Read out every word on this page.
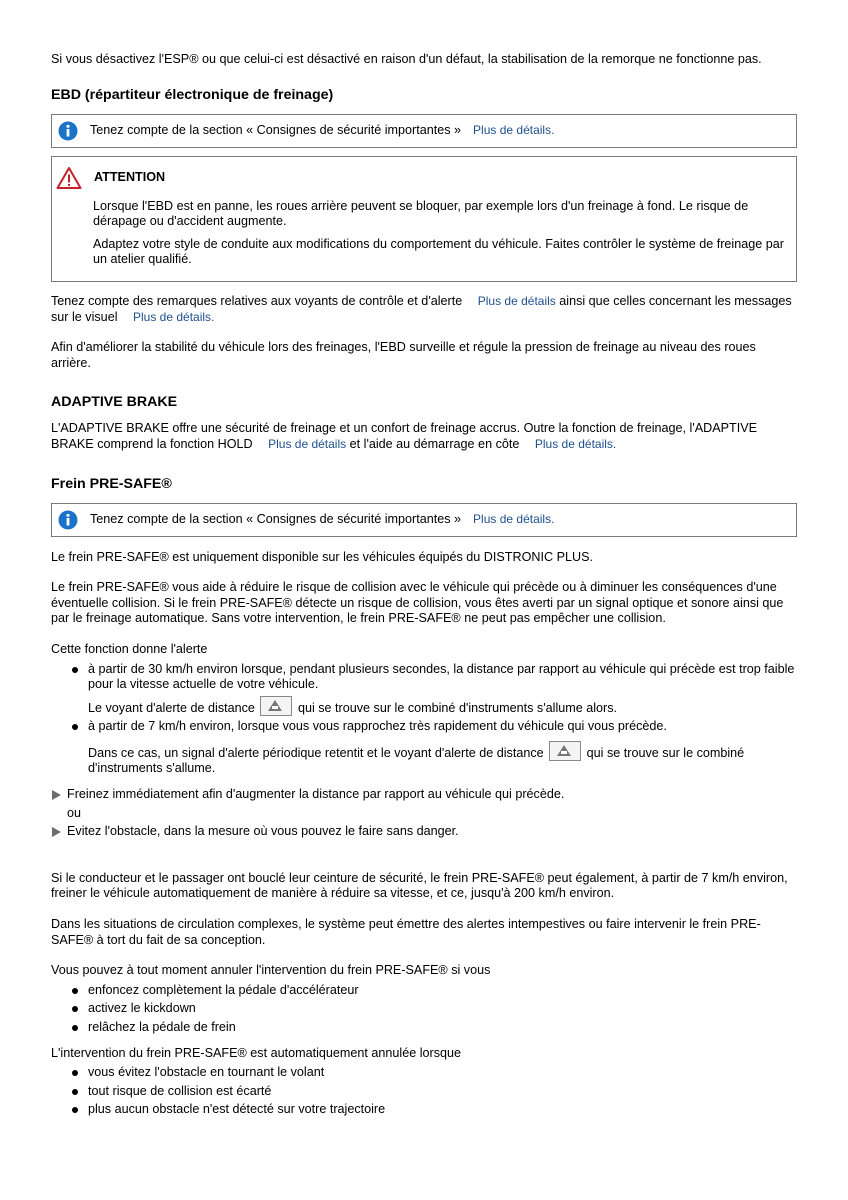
Si vous désactivez l'ESP® ou que celui-ci est désactivé en raison d'un défaut, la stabilisation de la remorque ne fonctionne pas.

EBD (répartiteur électronique de freinage)
Tenez compte de la section « Consignes de sécurité importantes » Plus de détails.
ATTENTION

Lorsque l'EBD est en panne, les roues arrière peuvent se bloquer, par exemple lors d'un freinage à fond. Le risque de dérapage ou d'accident augmente.

Adaptez votre style de conduite aux modifications du comportement du véhicule. Faites contrôler le système de freinage par un atelier qualifié.

Tenez compte des remarques relatives aux voyants de contrôle et d'alerte Plus de détails ainsi que celles concernant les messages sur le visuel Plus de détails.

Afin d'améliorer la stabilité du véhicule lors des freinages, l'EBD surveille et régule la pression de freinage au niveau des roues arrière.

ADAPTIVE BRAKE

L'ADAPTIVE BRAKE offre une sécurité de freinage et un confort de freinage accrus. Outre la fonction de freinage, l'ADAPTIVE BRAKE comprend la fonction HOLD Plus de détails et l'aide au démarrage en côte Plus de détails.

Frein PRE-SAFE®
Tenez compte de la section « Consignes de sécurité importantes » Plus de détails.

Le frein PRE-SAFE® est uniquement disponible sur les véhicules équipés du DISTRONIC PLUS.

Le frein PRE-SAFE® vous aide à réduire le risque de collision avec le véhicule qui précède ou à diminuer les conséquences d'une éventuelle collision. Si le frein PRE-SAFE® détecte un risque de collision, vous êtes averti par un signal optique et sonore ainsi que par le freinage automatique. Sans votre intervention, le frein PRE-SAFE® ne peut pas empêcher une collision.

Cette fonction donne l'alerte

à partir de 30 km/h environ lorsque, pendant plusieurs secondes, la distance par rapport au véhicule qui précède est trop faible pour la vitesse actuelle de votre véhicule.

Le voyant d'alerte de distance	qui se trouve sur le combiné d'instruments s'allume alors.

à partir de 7 km/h environ, lorsque vous vous rapprochez très rapidement du véhicule qui vous précède.

Dans ce cas, un signal d'alerte périodique retentit et le voyant d'alerte de distance	qui se trouve sur le combiné d'instruments s'allume.

Freinez immédiatement afin d'augmenter la distance par rapport au véhicule qui précède.

ou

Evitez l'obstacle, dans la mesure où vous pouvez le faire sans danger.

Si le conducteur et le passager ont bouclé leur ceinture de sécurité, le frein PRE-SAFE® peut également, à partir de 7 km/h environ, freiner le véhicule automatiquement de manière à réduire sa vitesse, et ce, jusqu'à 200 km/h environ.

Dans les situations de circulation complexes, le système peut émettre des alertes intempestives ou faire intervenir le frein PRE-SAFE® à tort du fait de sa conception.

Vous pouvez à tout moment annuler l'intervention du frein PRE-SAFE® si vous

enfoncez complètement la pédale d'accélérateur
activez le kickdown
relâchez la pédale de frein

L'intervention du frein PRE-SAFE® est automatiquement annulée lorsque

vous évitez l'obstacle en tournant le volant
tout risque de collision est écarté
plus aucun obstacle n'est détecté sur votre trajectoire
